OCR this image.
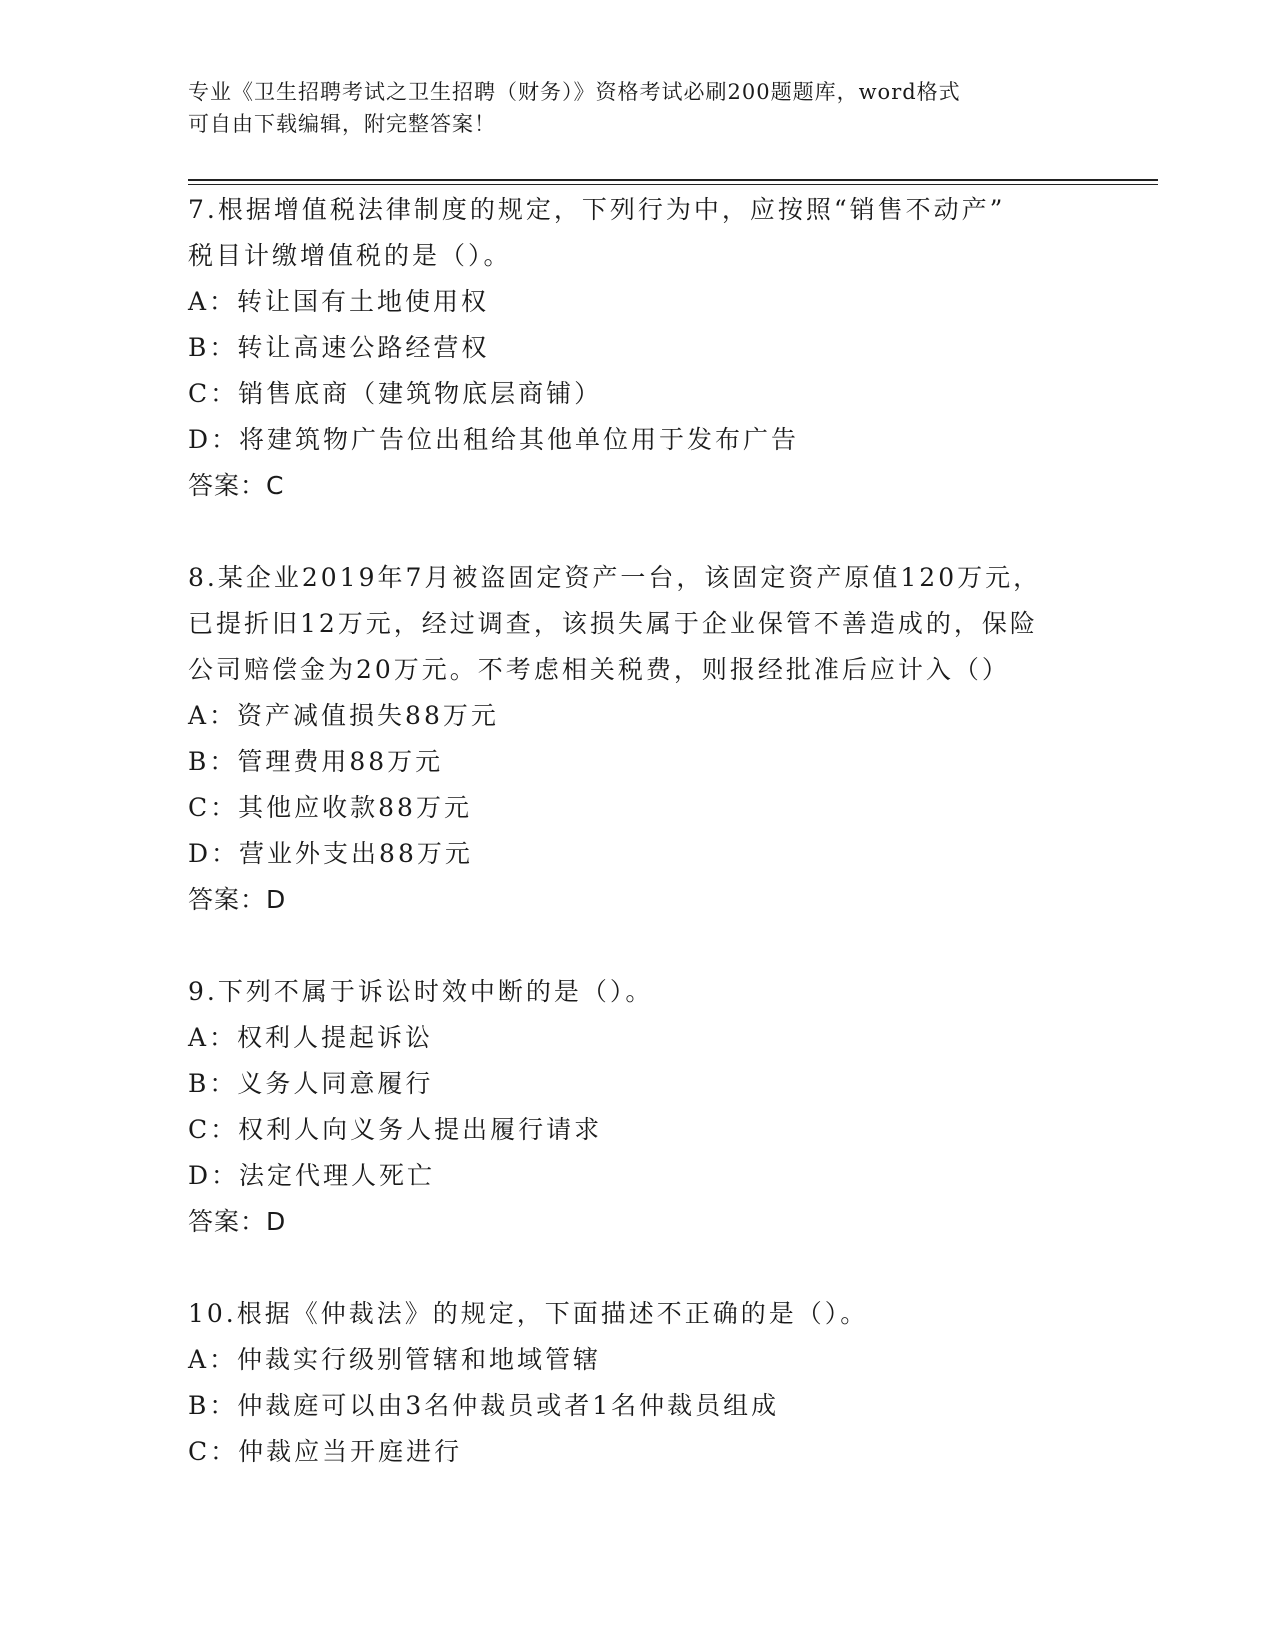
专业《卫生招聘考试之卫生招聘（财务）》资格考试必刷200题题库，word格式
可自由下载编辑，附完整答案！
7.根据增值税法律制度的规定，下列行为中，应按照“销售不动产”
税目计缴增值税的是（）。
A：转让国有土地使用权
B：转让高速公路经营权
C：销售底商（建筑物底层商铺）
D：将建筑物广告位出租给其他单位用于发布广告
答案：C
8.某企业2019年7月被盗固定资产一台，该固定资产原值120万元，
已提折旧12万元，经过调查，该损失属于企业保管不善造成的，保险
公司赔偿金为20万元。不考虑相关税费，则报经批准后应计入（）
A：资产减值损失88万元
B：管理费用88万元
C：其他应收款88万元
D：营业外支出88万元
答案：D
9.下列不属于诉讼时效中断的是（）。
A：权利人提起诉讼
B：义务人同意履行
C：权利人向义务人提出履行请求
D：法定代理人死亡
答案：D
10.根据《仲裁法》的规定，下面描述不正确的是（）。
A：仲裁实行级别管辖和地域管辖
B：仲裁庭可以由3名仲裁员或者1名仲裁员组成
C：仲裁应当开庭进行
